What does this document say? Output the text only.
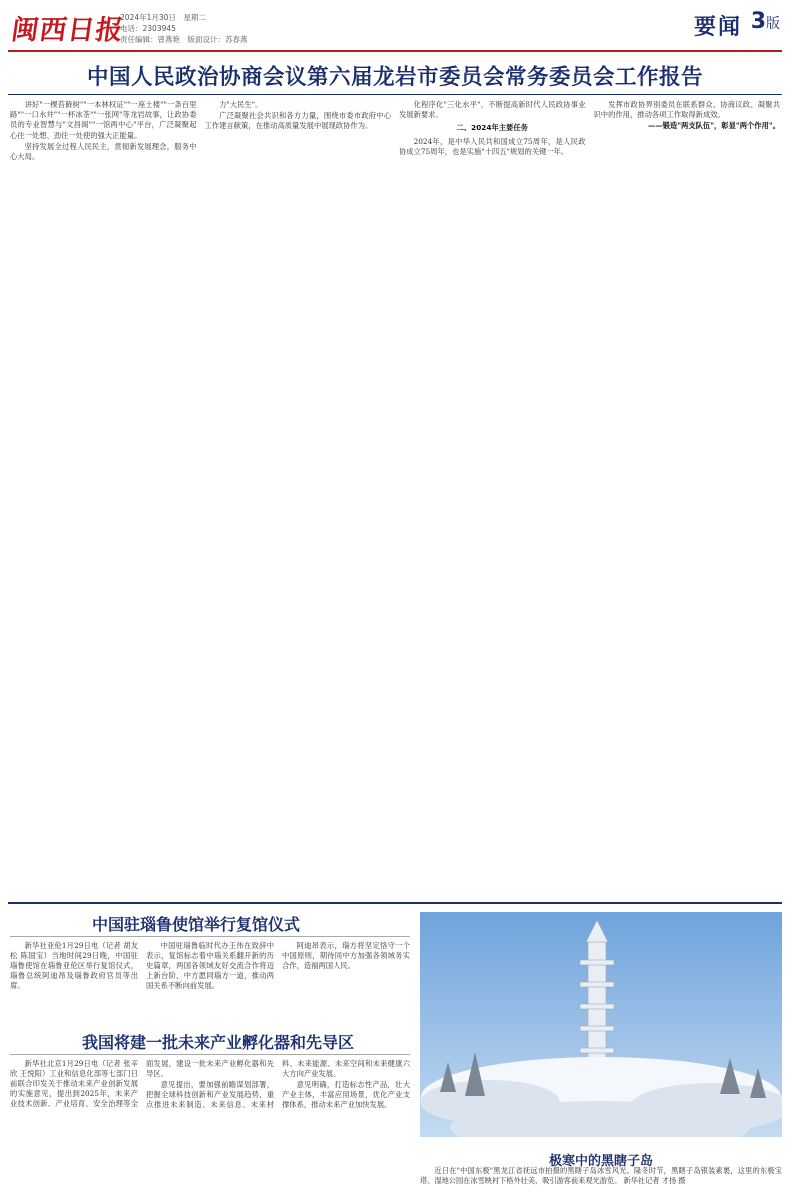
闽西日报
2024年1月30日　星期二
电话：2303945
责任编辑：曾燕艳　版面设计：苏春燕	要闻 3版
中国人民政治协商会议第六届龙岩市委员会常务委员会工作报告

讲好"一棵苔藓树""一本林权证""一座土楼""一条百里路""一口水井""一杯冰茶""一张网"等龙岩故事，让政协委员的专业智慧与"文昌阁""一馆两中心"平台，广泛凝聚起心往一处想、劲往一处使的强大正能量。

坚持发展全过程人民民主，贯彻新发展理念，服务中心大局。

力"大民生"。

广泛凝聚社会共识和各方力量，围绕市委市政府中心工作建言献策，在推动高质量发展中展现政协作为。

化程序化"三化水平"，不断提高新时代人民政协事业发展新要求。

二、2024年主要任务

2024年，是中华人民共和国成立75周年，是人民政协成立75周年，也是实施"十四五"规划的关键一年。

发挥市政协界别委员在联系群众、协商议政、凝聚共识中的作用，推动各项工作取得新成效。

——锻造"两支队伍"，彰显"两个作用"。

中国驻瑙鲁使馆举行复馆仪式

新华社亚伦1月29日电（记者 胡友松 陈国宝）当地时间29日晚，中国驻瑙鲁使馆在瑙鲁亚伦区举行复馆仪式，瑙鲁总统阿迪昂及瑙鲁政府官员等出席。

中国驻瑙鲁临时代办王伟在致辞中表示，复馆标志着中瑙关系翻开新的历史篇章，两国各领域友好交流合作将迈上新台阶，中方愿同瑙方一道，推动两国关系不断向前发展。

阿迪昂表示，瑙方将坚定恪守一个中国原则，期待同中方加强各领域务实合作，造福两国人民。

我国将建一批未来产业孵化器和先导区

新华社北京1月29日电（记者 张辛欣 王悦阳）工业和信息化部等七部门日前联合印发关于推动未来产业创新发展的实施意见，提出到2025年，未来产业技术创新、产业培育、安全治理等全面发展，建设一批未来产业孵化器和先导区。

意见提出，要加强前瞻谋划部署，把握全球科技创新和产业发展趋势，重点推进未来制造、未来信息、未来材料、未来能源、未来空间和未来健康六大方向产业发展。

意见明确，打造标志性产品，壮大产业主体，丰富应用场景，优化产业支撑体系，推动未来产业加快发展。

极寒中的黑瞎子岛
近日在"中国东极"黑龙江省抚远市拍摄的黑瞎子岛冰雪风光。隆冬时节，黑瞎子岛银装素裹，这里的东极宝塔、湿地公园在冰雪映衬下格外壮美，吸引游客前来观光游览。 新华社记者 才扬 摄
